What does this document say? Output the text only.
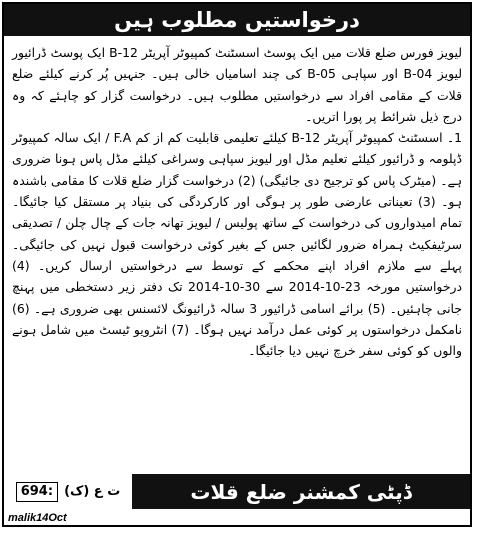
درخواستیں مطلوب ہیں

لیویز فورس ضلع قلات میں ایک پوسٹ اسسٹنٹ کمپیوٹر آپریٹر B-12 ایک پوسٹ ڈرائیور لیویز B-04 اور سپاہی B-05 کی چند اسامیاں خالی ہیں۔ جنہیں پُر کرنے کیلئے ضلع قلات کے مقامی افراد سے درخواستیں مطلوب ہیں۔ درخواست گزار کو چاہئے کہ وہ درج ذیل شرائط پر پورا اتریں۔

1۔ اسسٹنٹ کمپیوٹر آپریٹر B-12 کیلئے تعلیمی قابلیت کم از کم F.A / ایک سالہ کمپیوٹر ڈپلومہ و ڈرائیور کیلئے تعلیم مڈل اور لیویز سپاہی وسراغی کیلئے مڈل پاس ہونا ضروری ہے۔ (میٹرک پاس کو ترجیح دی جائیگی) (2) درخواست گزار ضلع قلات کا مقامی باشندہ ہو۔ (3) تعیناتی عارضی طور پر ہوگی اور کارکردگی کی بنیاد پر مستقل کیا جائیگا۔ تمام امیدواروں کی درخواست کے ساتھ پولیس / لیویز تھانہ جات کے چال چلن / تصدیقی سرٹیفکیٹ ہمراہ ضرور لگائیں جس کے بغیر کوئی درخواست قبول نہیں کی جائیگی۔ پہلے سے ملازم افراد اپنے محکمے کے توسط سے درخواستیں ارسال کریں۔ (4) درخواستیں مورخہ 23-10-2014 سے 30-10-2014 تک دفتر زیر دستخطی میں پہنچ جانی چاہئیں۔ (5) برائے اسامی ڈرائیور 3 سالہ ڈرائیونگ لائسنس بھی ضروری ہے۔ (6) نامکمل درخواستوں پر کوئی عمل درآمد نہیں ہوگا۔ (7) انٹرویو ٹیسٹ میں شامل ہونے والوں کو کوئی سفر خرچ نہیں دیا جائیگا۔

ڈپٹی کمشنر ضلع قلات
694: ت ع (ک)
malik14Oct
